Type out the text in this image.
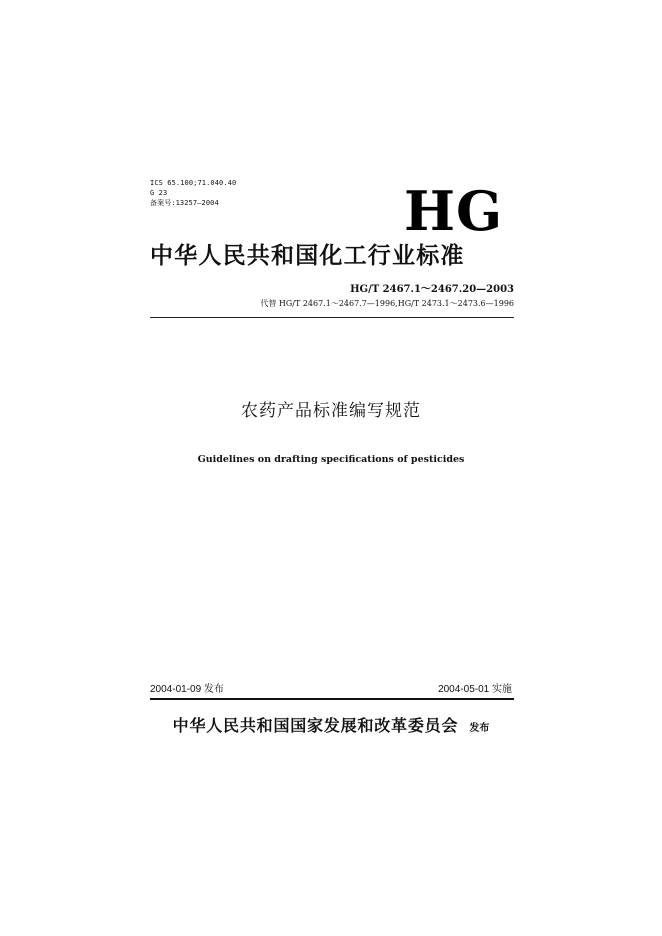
ICS 65.100;71.040.40
G 23
备案号:13257—2004	HG
中华人民共和国化工行业标准
HG/T 2467.1～2467.20—2003
代替 HG/T 2467.1～2467.7—1996,HG/T 2473.1～2473.6—1996
农药产品标准编写规范
Guidelines on drafting specifications of pesticides
2004-01-09 发布	2004-05-01 实施
中华人民共和国国家发展和改革委员会 发布
